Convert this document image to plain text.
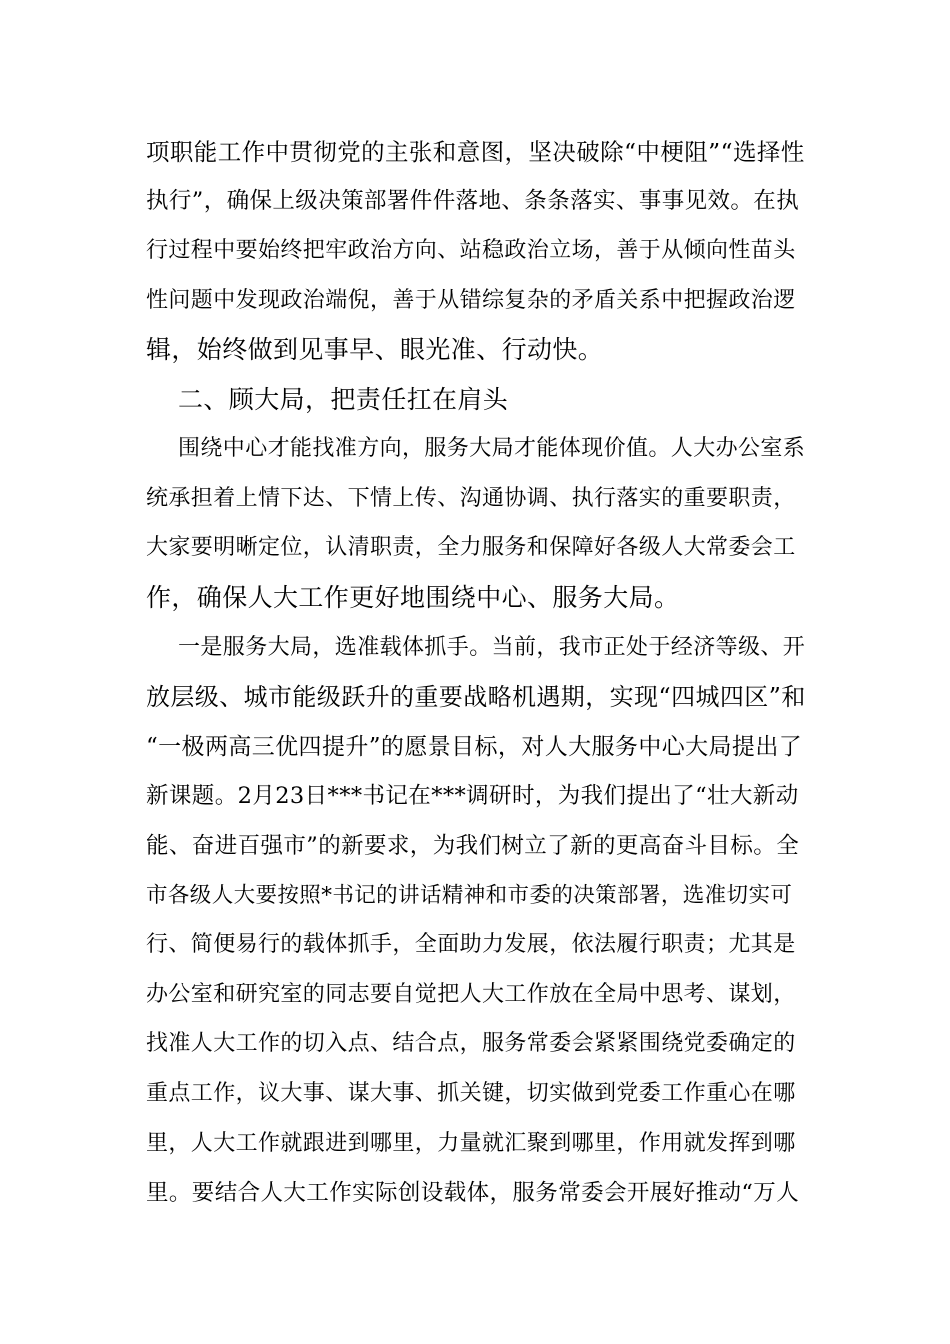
项职能工作中贯彻党的主张和意图，坚决破除“中梗阻”“选择性
执行”，确保上级决策部署件件落地、条条落实、事事见效。在执
行过程中要始终把牢政治方向、站稳政治立场，善于从倾向性苗头
性问题中发现政治端倪，善于从错综复杂的矛盾关系中把握政治逻
辑，始终做到见事早、眼光准、行动快。
二、顾大局，把责任扛在肩头
围绕中心才能找准方向，服务大局才能体现价值。人大办公室系
统承担着上情下达、下情上传、沟通协调、执行落实的重要职责，
大家要明晰定位，认清职责，全力服务和保障好各级人大常委会工
作，确保人大工作更好地围绕中心、服务大局。
一是服务大局，选准载体抓手。当前，我市正处于经济等级、开
放层级、城市能级跃升的重要战略机遇期，实现“四城四区”和
“一极两高三优四提升”的愿景目标，对人大服务中心大局提出了
新课题。2月23日***书记在***调研时，为我们提出了“壮大新动
能、奋进百强市”的新要求，为我们树立了新的更高奋斗目标。全
市各级人大要按照*书记的讲话精神和市委的决策部署，选准切实可
行、简便易行的载体抓手，全面助力发展，依法履行职责；尤其是
办公室和研究室的同志要自觉把人大工作放在全局中思考、谋划，
找准人大工作的切入点、结合点，服务常委会紧紧围绕党委确定的
重点工作，议大事、谋大事、抓关键，切实做到党委工作重心在哪
里，人大工作就跟进到哪里，力量就汇聚到哪里，作用就发挥到哪
里。要结合人大工作实际创设载体，服务常委会开展好推动“万人
